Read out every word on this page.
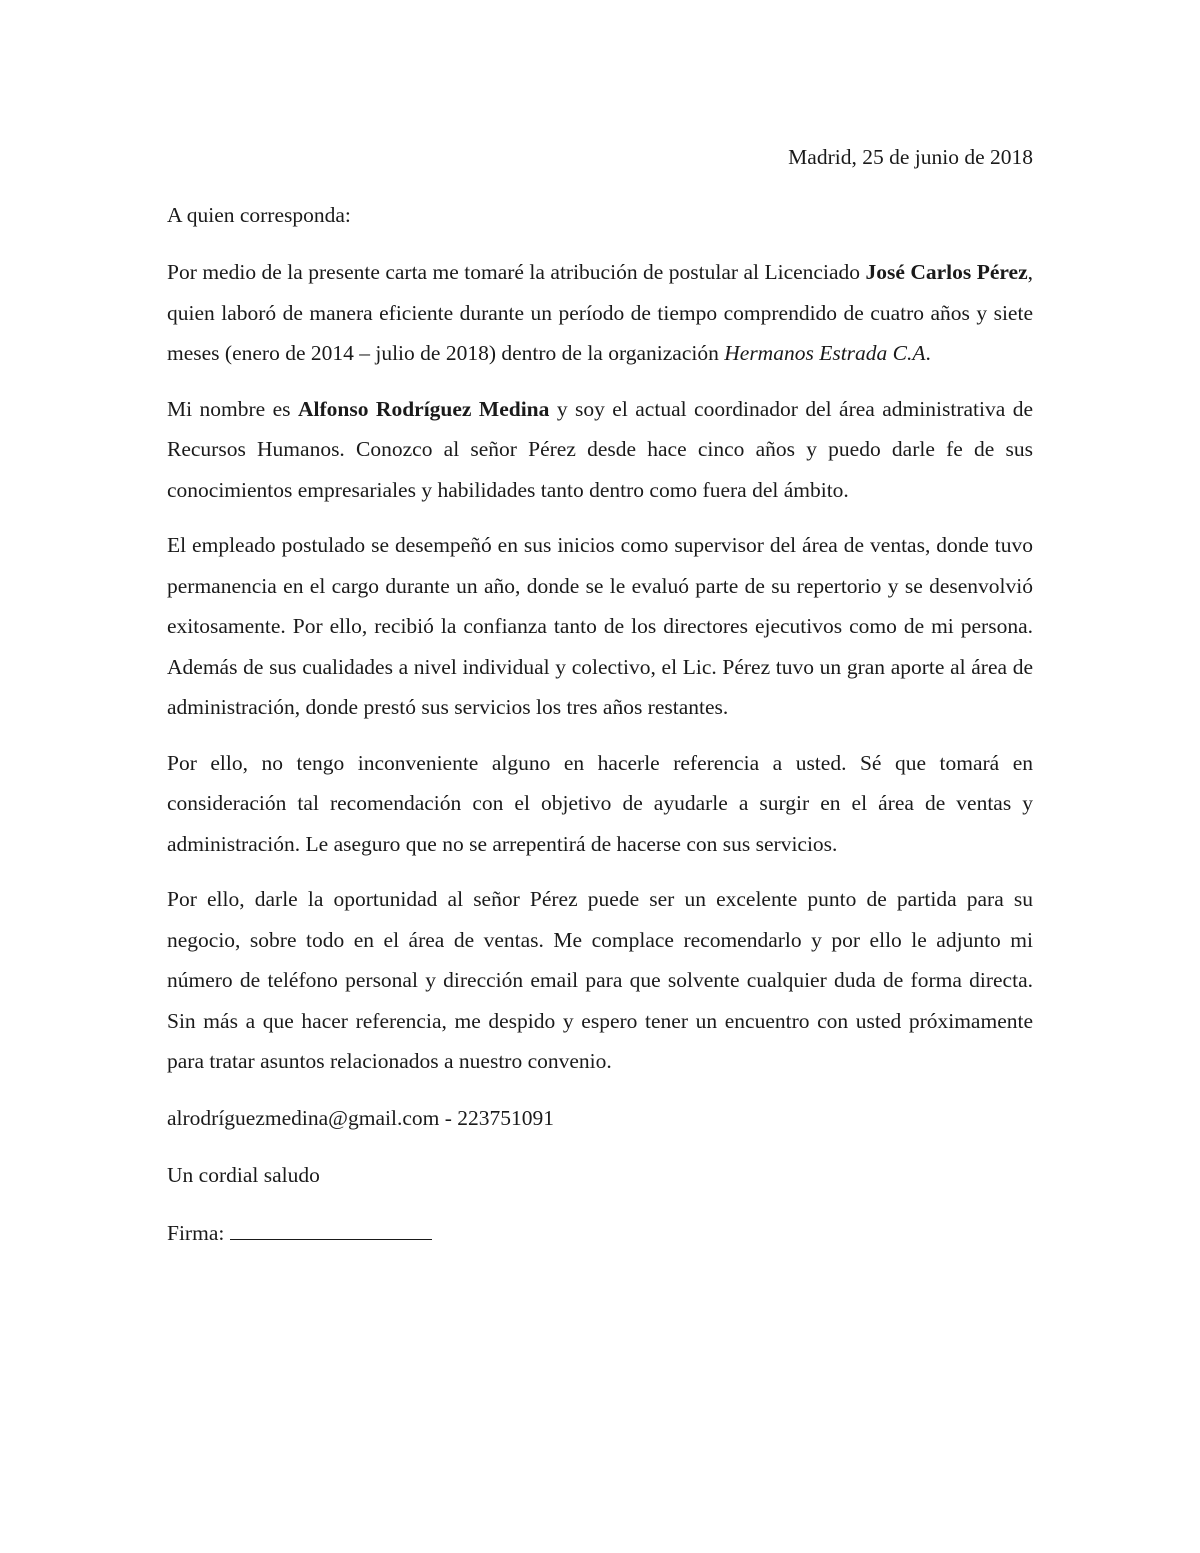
Madrid, 25 de junio de 2018
A quien corresponda:

Por medio de la presente carta me tomaré la atribución de postular al Licenciado José Carlos Pérez, quien laboró de manera eficiente durante un período de tiempo comprendido de cuatro años y siete meses (enero de 2014 – julio de 2018) dentro de la organización Hermanos Estrada C.A.

Mi nombre es Alfonso Rodríguez Medina y soy el actual coordinador del área administrativa de Recursos Humanos. Conozco al señor Pérez desde hace cinco años y puedo darle fe de sus conocimientos empresariales y habilidades tanto dentro como fuera del ámbito.

El empleado postulado se desempeñó en sus inicios como supervisor del área de ventas, donde tuvo permanencia en el cargo durante un año, donde se le evaluó parte de su repertorio y se desenvolvió exitosamente. Por ello, recibió la confianza tanto de los directores ejecutivos como de mi persona. Además de sus cualidades a nivel individual y colectivo, el Lic. Pérez tuvo un gran aporte al área de administración, donde prestó sus servicios los tres años restantes.

Por ello, no tengo inconveniente alguno en hacerle referencia a usted. Sé que tomará en consideración tal recomendación con el objetivo de ayudarle a surgir en el área de ventas y administración. Le aseguro que no se arrepentirá de hacerse con sus servicios.

Por ello, darle la oportunidad al señor Pérez puede ser un excelente punto de partida para su negocio, sobre todo en el área de ventas. Me complace recomendarlo y por ello le adjunto mi número de teléfono personal y dirección email para que solvente cualquier duda de forma directa. Sin más a que hacer referencia, me despido y espero tener un encuentro con usted próximamente para tratar asuntos relacionados a nuestro convenio.

alrodríguezmedina@gmail.com - 223751091
Un cordial saludo
Firma:
